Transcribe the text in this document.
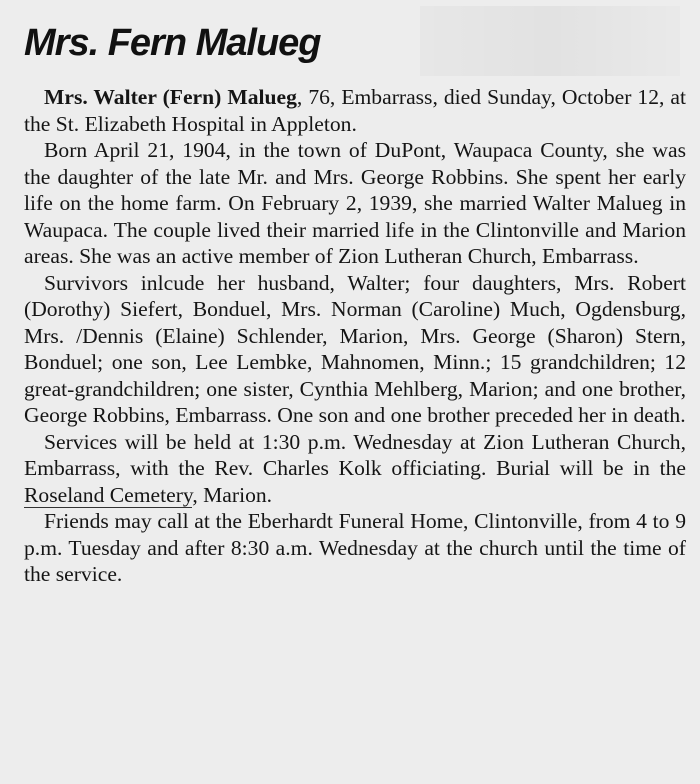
Mrs. Fern Malueg

Mrs. Walter (Fern) Malueg, 76, Embarrass, died Sunday, October 12, at the St. Elizabeth Hospital in Appleton.

Born April 21, 1904, in the town of DuPont, Waupaca County, she was the daughter of the late Mr. and Mrs. George Robbins. She spent her early life on the home farm. On February 2, 1939, she married Walter Malueg in Waupaca. The couple lived their married life in the Clintonville and Marion areas. She was an active member of Zion Lutheran Church, Embarrass.

Survivors inlcude her husband, Walter; four daughters, Mrs. Robert (Dorothy) Siefert, Bonduel, Mrs. Norman (Caroline) Much, Ogdensburg, Mrs. /Dennis (Elaine) Schlender, Marion, Mrs. George (Sharon) Stern, Bonduel; one son, Lee Lembke, Mahnomen, Minn.; 15 grandchildren; 12 great-grandchildren; one sister, Cynthia Mehlberg, Marion; and one brother, George Robbins, Embarrass. One son and one brother preceded her in death.

Services will be held at 1:30 p.m. Wednesday at Zion Lutheran Church, Embarrass, with the Rev. Charles Kolk officiating. Burial will be in the Roseland Cemetery, Marion.

Friends may call at the Eberhardt Funeral Home, Clintonville, from 4 to 9 p.m. Tuesday and after 8:30 a.m. Wednesday at the church until the time of the service.
